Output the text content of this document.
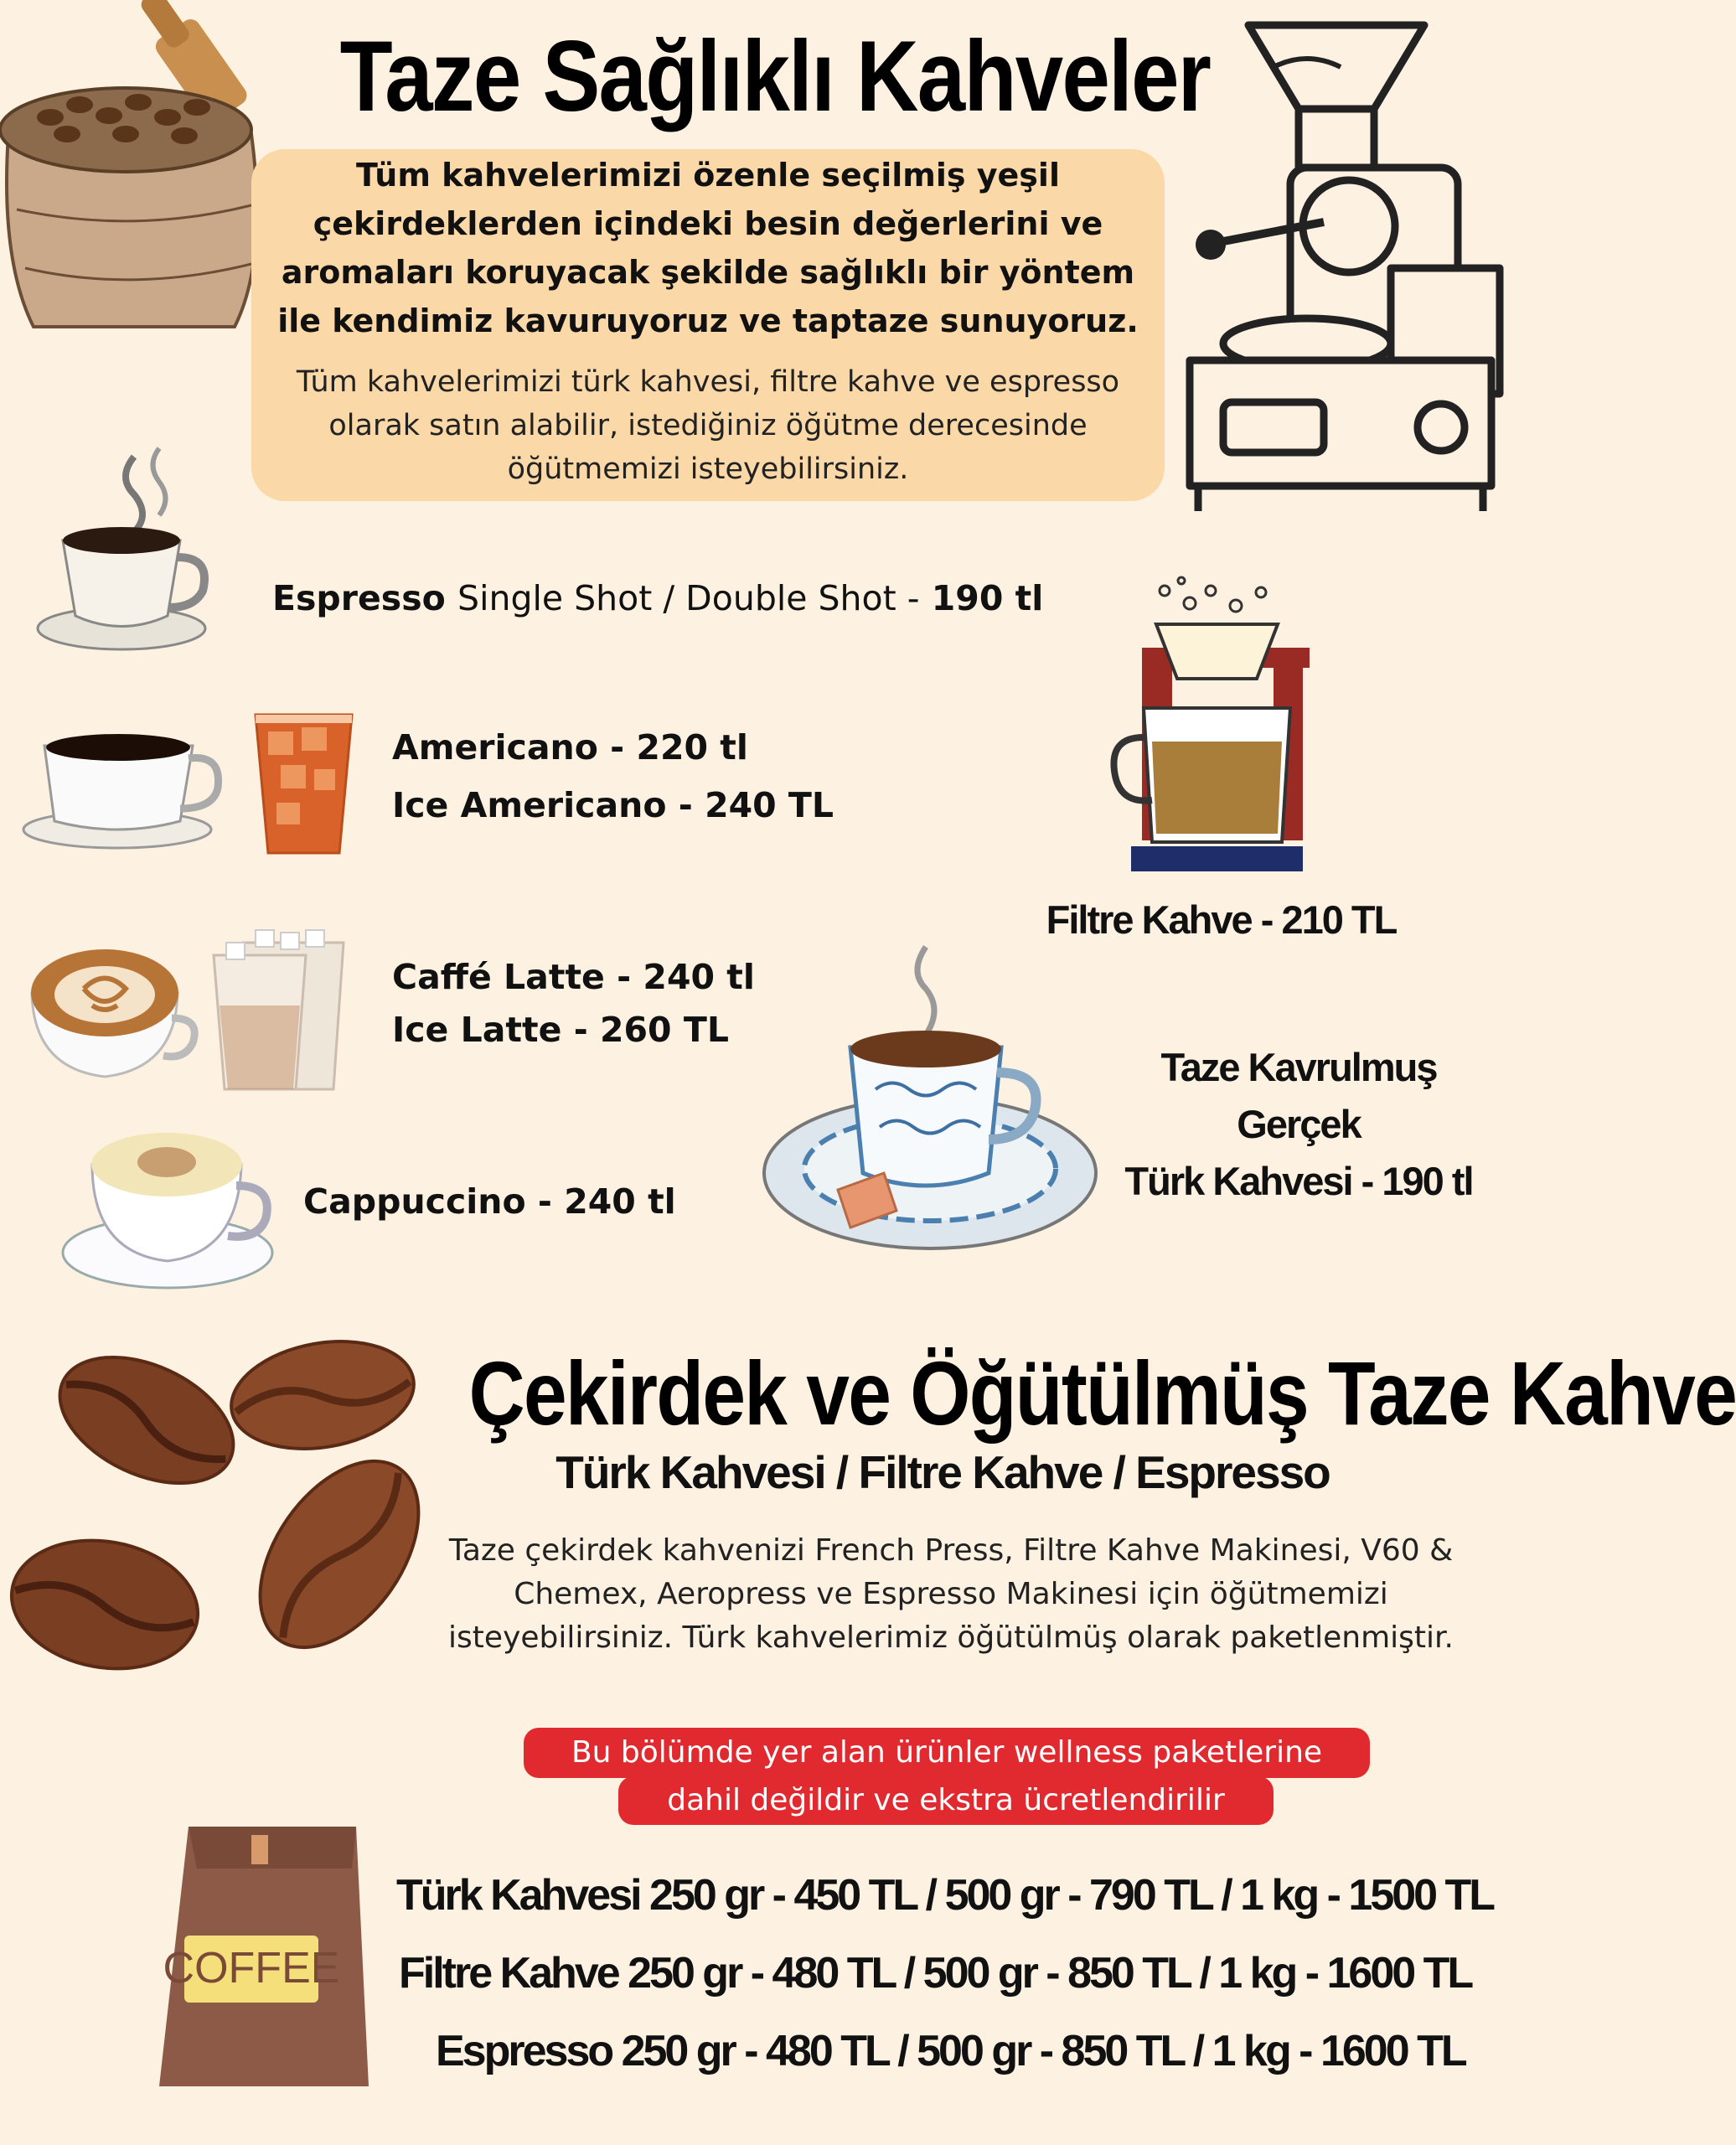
Taze Sağlıklı Kahveler
Tüm kahvelerimizi özenle seçilmiş yeşil çekirdeklerden içindeki besin değerlerini ve aromaları koruyacak şekilde sağlıklı bir yöntem ile kendimiz kavuruyoruz ve taptaze sunuyoruz.
Tüm kahvelerimizi türk kahvesi, filtre kahve ve espresso olarak satın alabilir, istediğiniz öğütme derecesinde öğütmemizi isteyebilirsiniz.
Espresso Single Shot / Double Shot - 190 tl
Americano - 220 tl
Ice Americano - 240 TL
Caffé Latte - 240 tl
Ice Latte - 260 TL
Cappuccino - 240 tl
Filtre Kahve - 210 TL
Taze Kavrulmuş
Gerçek
Türk Kahvesi - 190 tl
Çekirdek ve Öğütülmüş Taze Kahve
Türk Kahvesi / Filtre Kahve / Espresso
Taze çekirdek kahvenizi French Press, Filtre Kahve Makinesi, V60 & Chemex, Aeropress ve Espresso Makinesi için öğütmemizi isteyebilirsiniz. Türk kahvelerimiz öğütülmüş olarak paketlenmiştir.
Bu bölümde yer alan ürünler wellness paketlerine
dahil değildir ve ekstra ücretlendirilir
COFFEE
Türk Kahvesi 250 gr - 450 TL / 500 gr - 790 TL / 1 kg - 1500 TL
Filtre Kahve 250 gr - 480 TL / 500 gr - 850 TL / 1 kg - 1600 TL
Espresso 250 gr - 480 TL / 500 gr - 850 TL / 1 kg - 1600 TL
